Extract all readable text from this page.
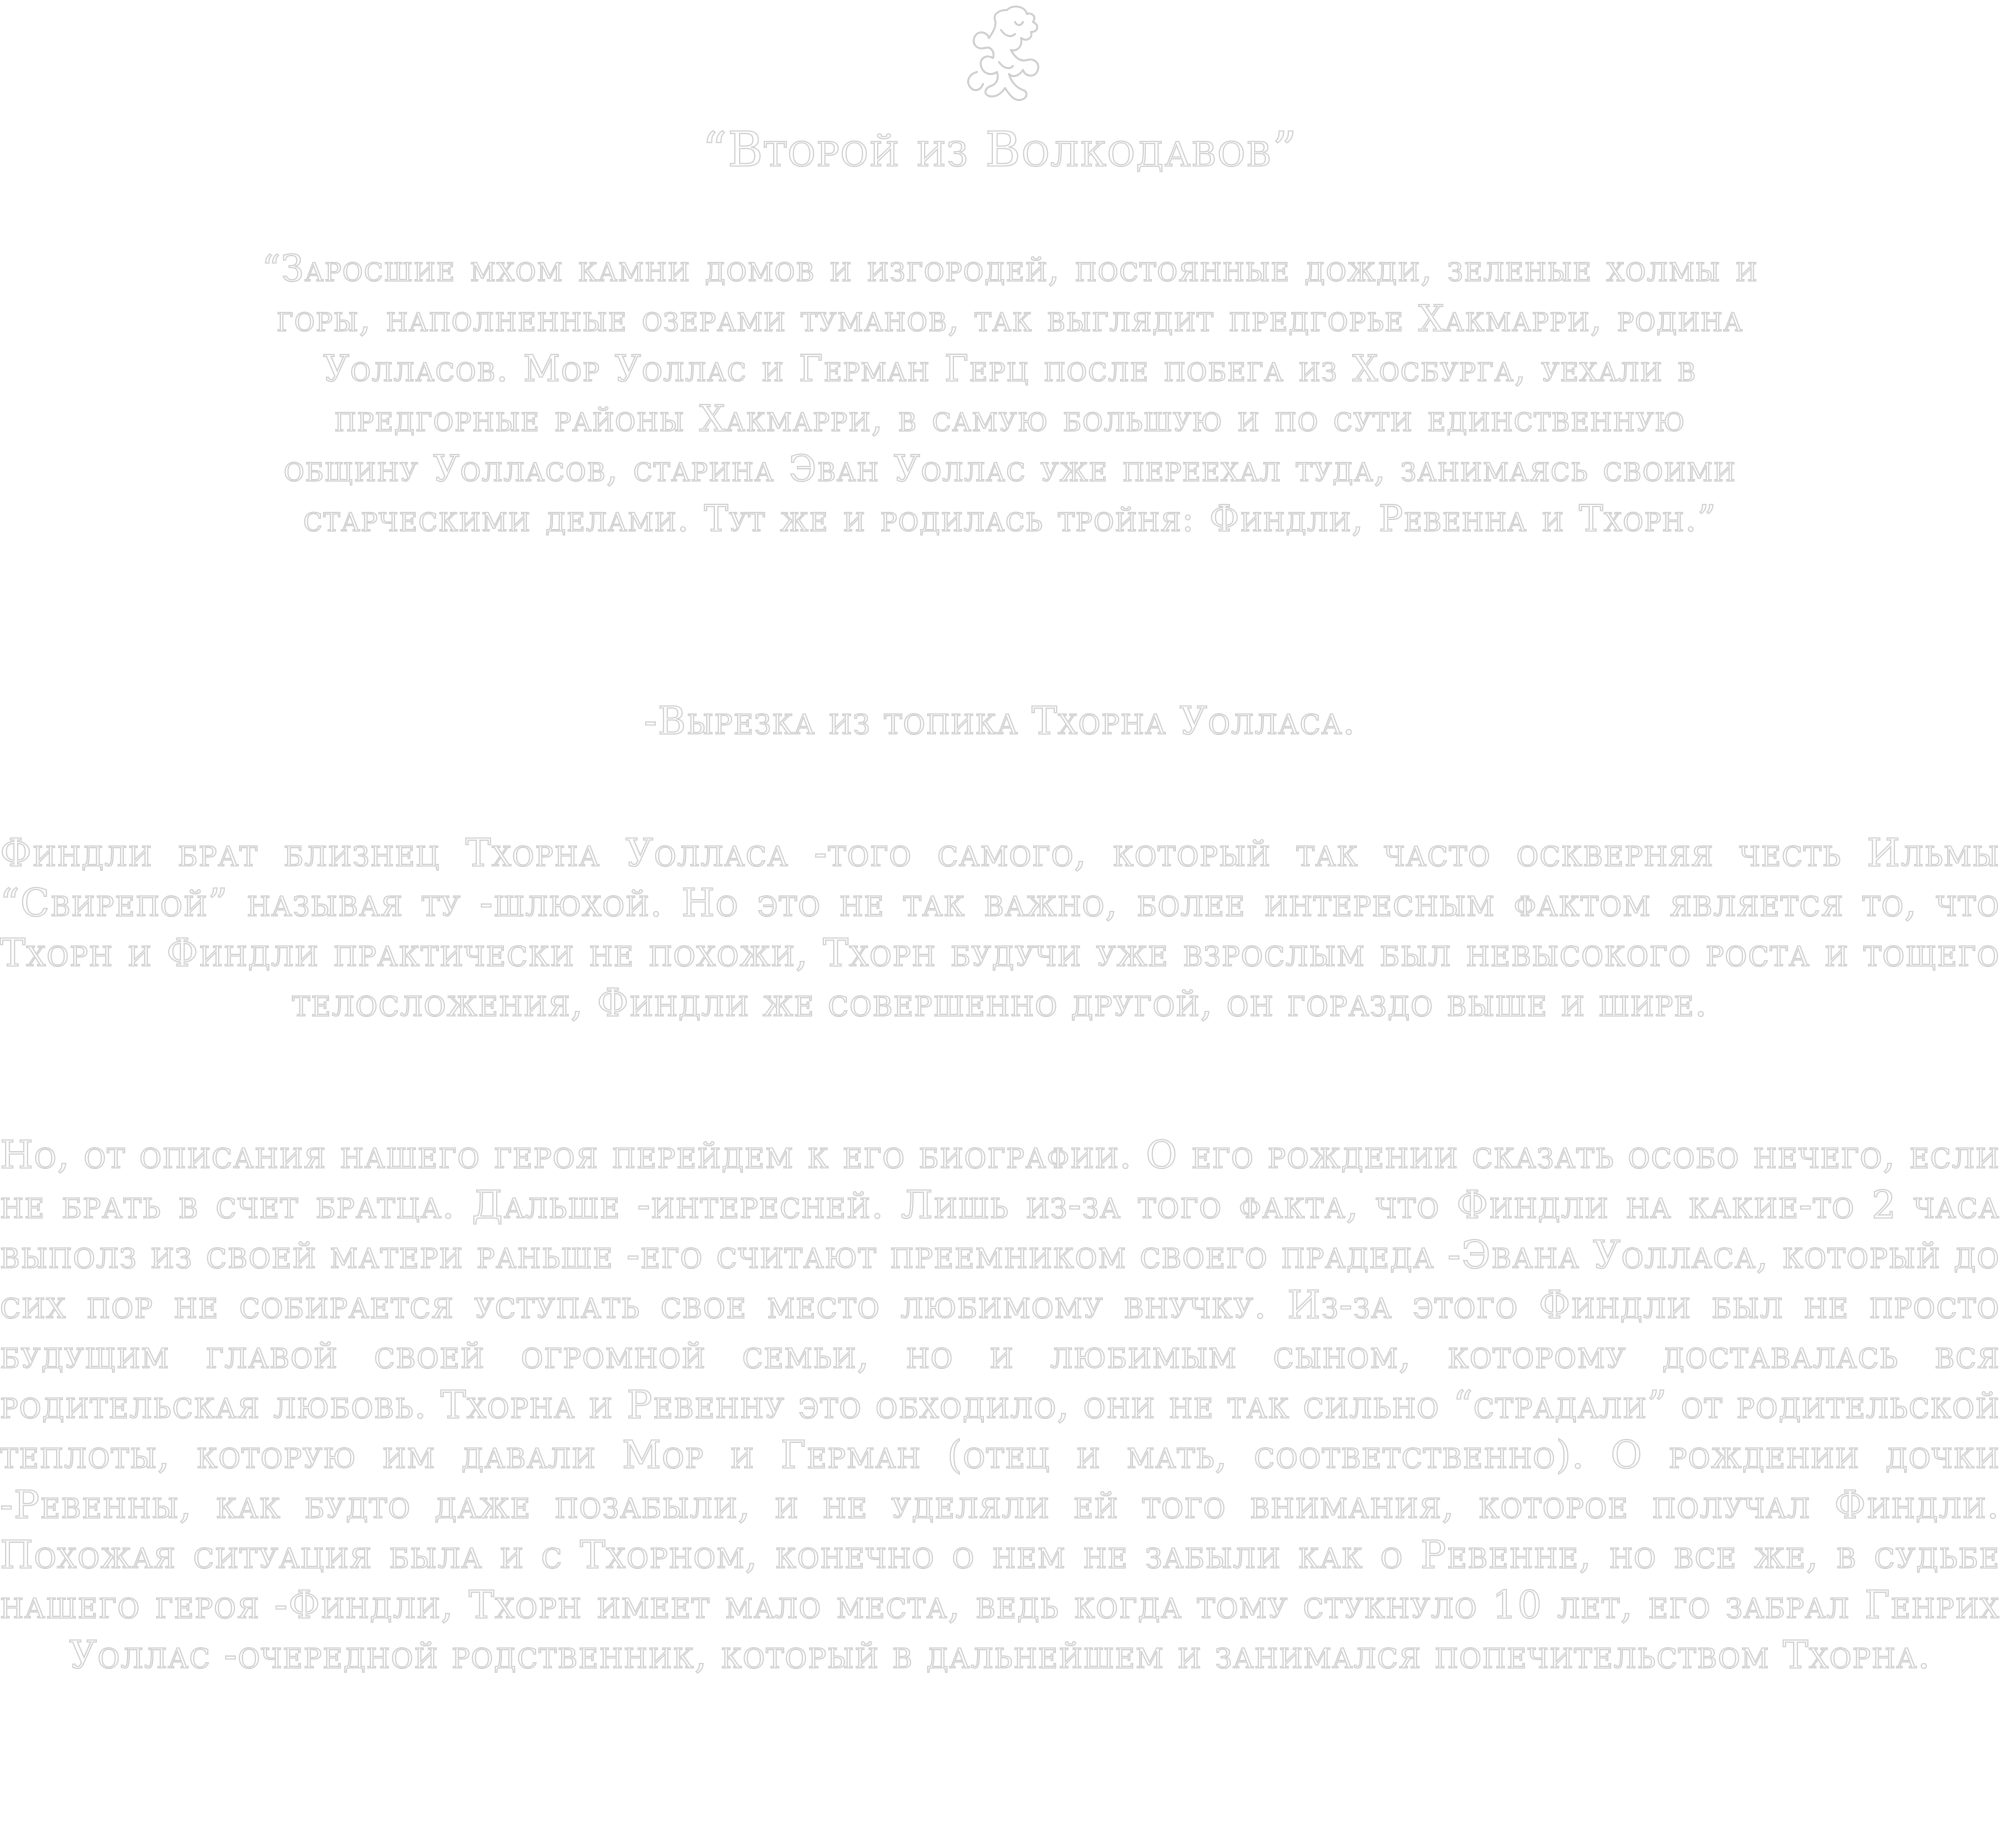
“Второй из Волкодавов”
“Заросшие мхом камни домов и изгородей, постоянные дожди, зеленые холмы и горы, наполненные озерами туманов, так выглядит предгорье Хакмарри, родина Уолласов. Мор Уоллас и Герман Герц после побега из Хосбурга, уехали в предгорные районы Хакмарри, в самую большую и по сути единственную общину Уолласов, старина Эван Уоллас уже переехал туда, занимаясь своими старческими делами. Тут же и родилась тройня: Финдли, Ревенна и Тхорн.”
-Вырезка из топика Тхорна Уолласа.
Финдли брат близнец Тхорна Уолласа -того самого, который так часто оскверняя честь Ильмы “Свирепой” называя ту -шлюхой. Но это не так важно, более интересным фактом является то, что Тхорн и Финдли практически не похожи, Тхорн будучи уже взрослым был невысокого роста и тощего телосложения, Финдли же совершенно другой, он гораздо выше и шире.
Но, от описания нашего героя перейдем к его биографии. О его рождении сказать особо нечего, если не брать в счет братца. Дальше -интересней. Лишь из-за того факта, что Финдли на какие-то 2 часа выполз из своей матери раньше -его считают преемником своего прадеда -Эвана Уолласа, который до сих пор не собирается уступать свое место любимому внучку. Из-за этого Финдли был не просто будущим главой своей огромной семьи, но и любимым сыном, которому доставалась вся родительская любовь. Тхорна и Ревенну это обходило, они не так сильно “страдали” от родительской теплоты, которую им давали Мор и Герман (отец и мать, соответственно). О рождении дочки -Ревенны, как будто даже позабыли, и не уделяли ей того внимания, которое получал Финдли. Похожая ситуация была и с Тхорном, конечно о нем не забыли как о Ревенне, но все же, в судьбе нашего героя -Финдли, Тхорн имеет мало места, ведь когда тому стукнуло 10 лет, его забрал Генрих Уоллас -очередной родственник, который в дальнейшем и занимался попечительством Тхорна.
